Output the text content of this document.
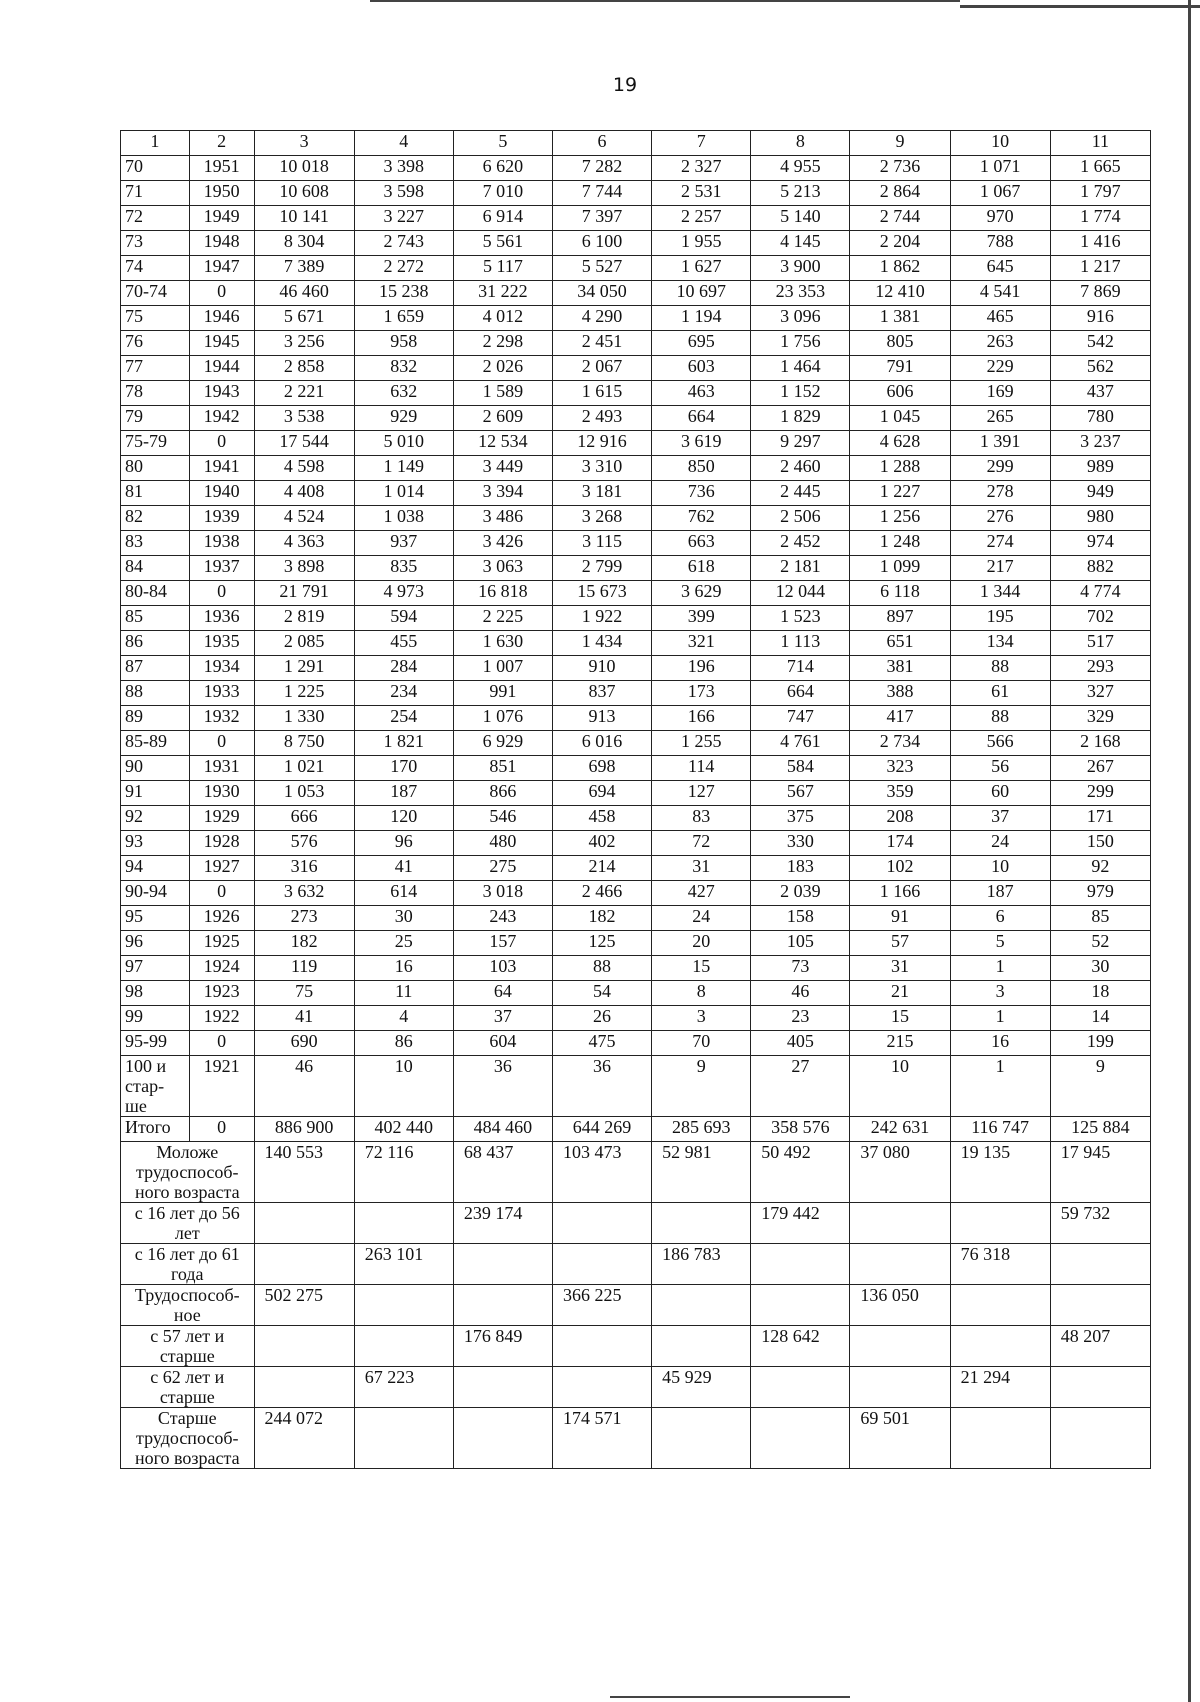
19
1	2	3	4	5	6	7	8	9	10	11
70	1951	10 018	3 398	6 620	7 282	2 327	4 955	2 736	1 071	1 665
71	1950	10 608	3 598	7 010	7 744	2 531	5 213	2 864	1 067	1 797
72	1949	10 141	3 227	6 914	7 397	2 257	5 140	2 744	970	1 774
73	1948	8 304	2 743	5 561	6 100	1 955	4 145	2 204	788	1 416
74	1947	7 389	2 272	5 117	5 527	1 627	3 900	1 862	645	1 217
70-74	0	46 460	15 238	31 222	34 050	10 697	23 353	12 410	4 541	7 869
75	1946	5 671	1 659	4 012	4 290	1 194	3 096	1 381	465	916
76	1945	3 256	958	2 298	2 451	695	1 756	805	263	542
77	1944	2 858	832	2 026	2 067	603	1 464	791	229	562
78	1943	2 221	632	1 589	1 615	463	1 152	606	169	437
79	1942	3 538	929	2 609	2 493	664	1 829	1 045	265	780
75-79	0	17 544	5 010	12 534	12 916	3 619	9 297	4 628	1 391	3 237
80	1941	4 598	1 149	3 449	3 310	850	2 460	1 288	299	989
81	1940	4 408	1 014	3 394	3 181	736	2 445	1 227	278	949
82	1939	4 524	1 038	3 486	3 268	762	2 506	1 256	276	980
83	1938	4 363	937	3 426	3 115	663	2 452	1 248	274	974
84	1937	3 898	835	3 063	2 799	618	2 181	1 099	217	882
80-84	0	21 791	4 973	16 818	15 673	3 629	12 044	6 118	1 344	4 774
85	1936	2 819	594	2 225	1 922	399	1 523	897	195	702
86	1935	2 085	455	1 630	1 434	321	1 113	651	134	517
87	1934	1 291	284	1 007	910	196	714	381	88	293
88	1933	1 225	234	991	837	173	664	388	61	327
89	1932	1 330	254	1 076	913	166	747	417	88	329
85-89	0	8 750	1 821	6 929	6 016	1 255	4 761	2 734	566	2 168
90	1931	1 021	170	851	698	114	584	323	56	267
91	1930	1 053	187	866	694	127	567	359	60	299
92	1929	666	120	546	458	83	375	208	37	171
93	1928	576	96	480	402	72	330	174	24	150
94	1927	316	41	275	214	31	183	102	10	92
90-94	0	3 632	614	3 018	2 466	427	2 039	1 166	187	979
95	1926	273	30	243	182	24	158	91	6	85
96	1925	182	25	157	125	20	105	57	5	52
97	1924	119	16	103	88	15	73	31	1	30
98	1923	75	11	64	54	8	46	21	3	18
99	1922	41	4	37	26	3	23	15	1	14
95-99	0	690	86	604	475	70	405	215	16	199
100 и стар- ше	1921	46	10	36	36	9	27	10	1	9
Итого	0	886 900	402 440	484 460	644 269	285 693	358 576	242 631	116 747	125 884
Моложе трудоспособ- ного возраста		140 553	72 116	68 437	103 473	52 981	50 492	37 080	19 135	17 945
с 16 лет до 56 лет				239 174			179 442			59 732
с 16 лет до 61 года			263 101			186 783			76 318	
Трудоспособ- ное		502 275			366 225			136 050		
с 57 лет и старше				176 849			128 642			48 207
с 62 лет и старше			67 223			45 929			21 294	
Старше трудоспособ- ного возраста		244 072			174 571			69 501		
